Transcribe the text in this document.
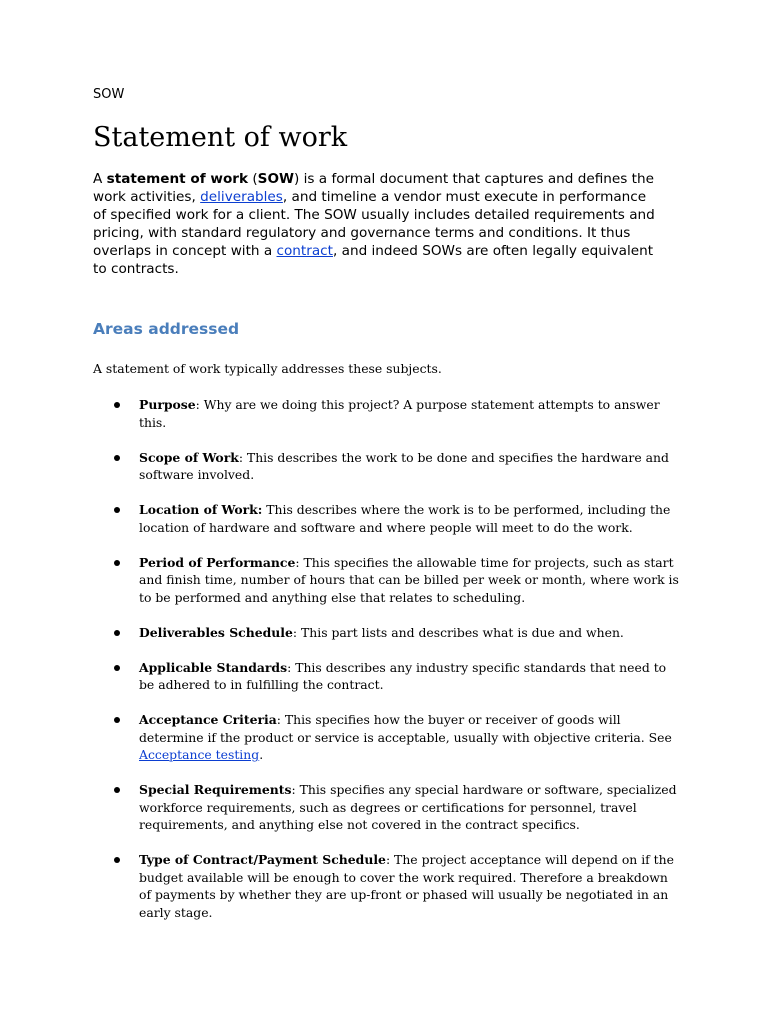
SOW
Statement of work

A statement of work (SOW) is a formal document that captures and defines the work activities, deliverables, and timeline a vendor must execute in performance of specified work for a client. The SOW usually includes detailed requirements and pricing, with standard regulatory and governance terms and conditions. It thus overlaps in concept with a contract, and indeed SOWs are often legally equivalent to contracts.

Areas addressed

A statement of work typically addresses these subjects.

Purpose: Why are we doing this project? A purpose statement attempts to answer this.
Scope of Work: This describes the work to be done and specifies the hardware and software involved.
Location of Work: This describes where the work is to be performed, including the location of hardware and software and where people will meet to do the work.
Period of Performance: This specifies the allowable time for projects, such as start and finish time, number of hours that can be billed per week or month, where work is to be performed and anything else that relates to scheduling.
Deliverables Schedule: This part lists and describes what is due and when.
Applicable Standards: This describes any industry specific standards that need to be adhered to in fulfilling the contract.
Acceptance Criteria: This specifies how the buyer or receiver of goods will determine if the product or service is acceptable, usually with objective criteria. See Acceptance testing.
Special Requirements: This specifies any special hardware or software, specialized workforce requirements, such as degrees or certifications for personnel, travel requirements, and anything else not covered in the contract specifics.
Type of Contract/Payment Schedule: The project acceptance will depend on if the budget available will be enough to cover the work required. Therefore a breakdown of payments by whether they are up-front or phased will usually be negotiated in an early stage.
